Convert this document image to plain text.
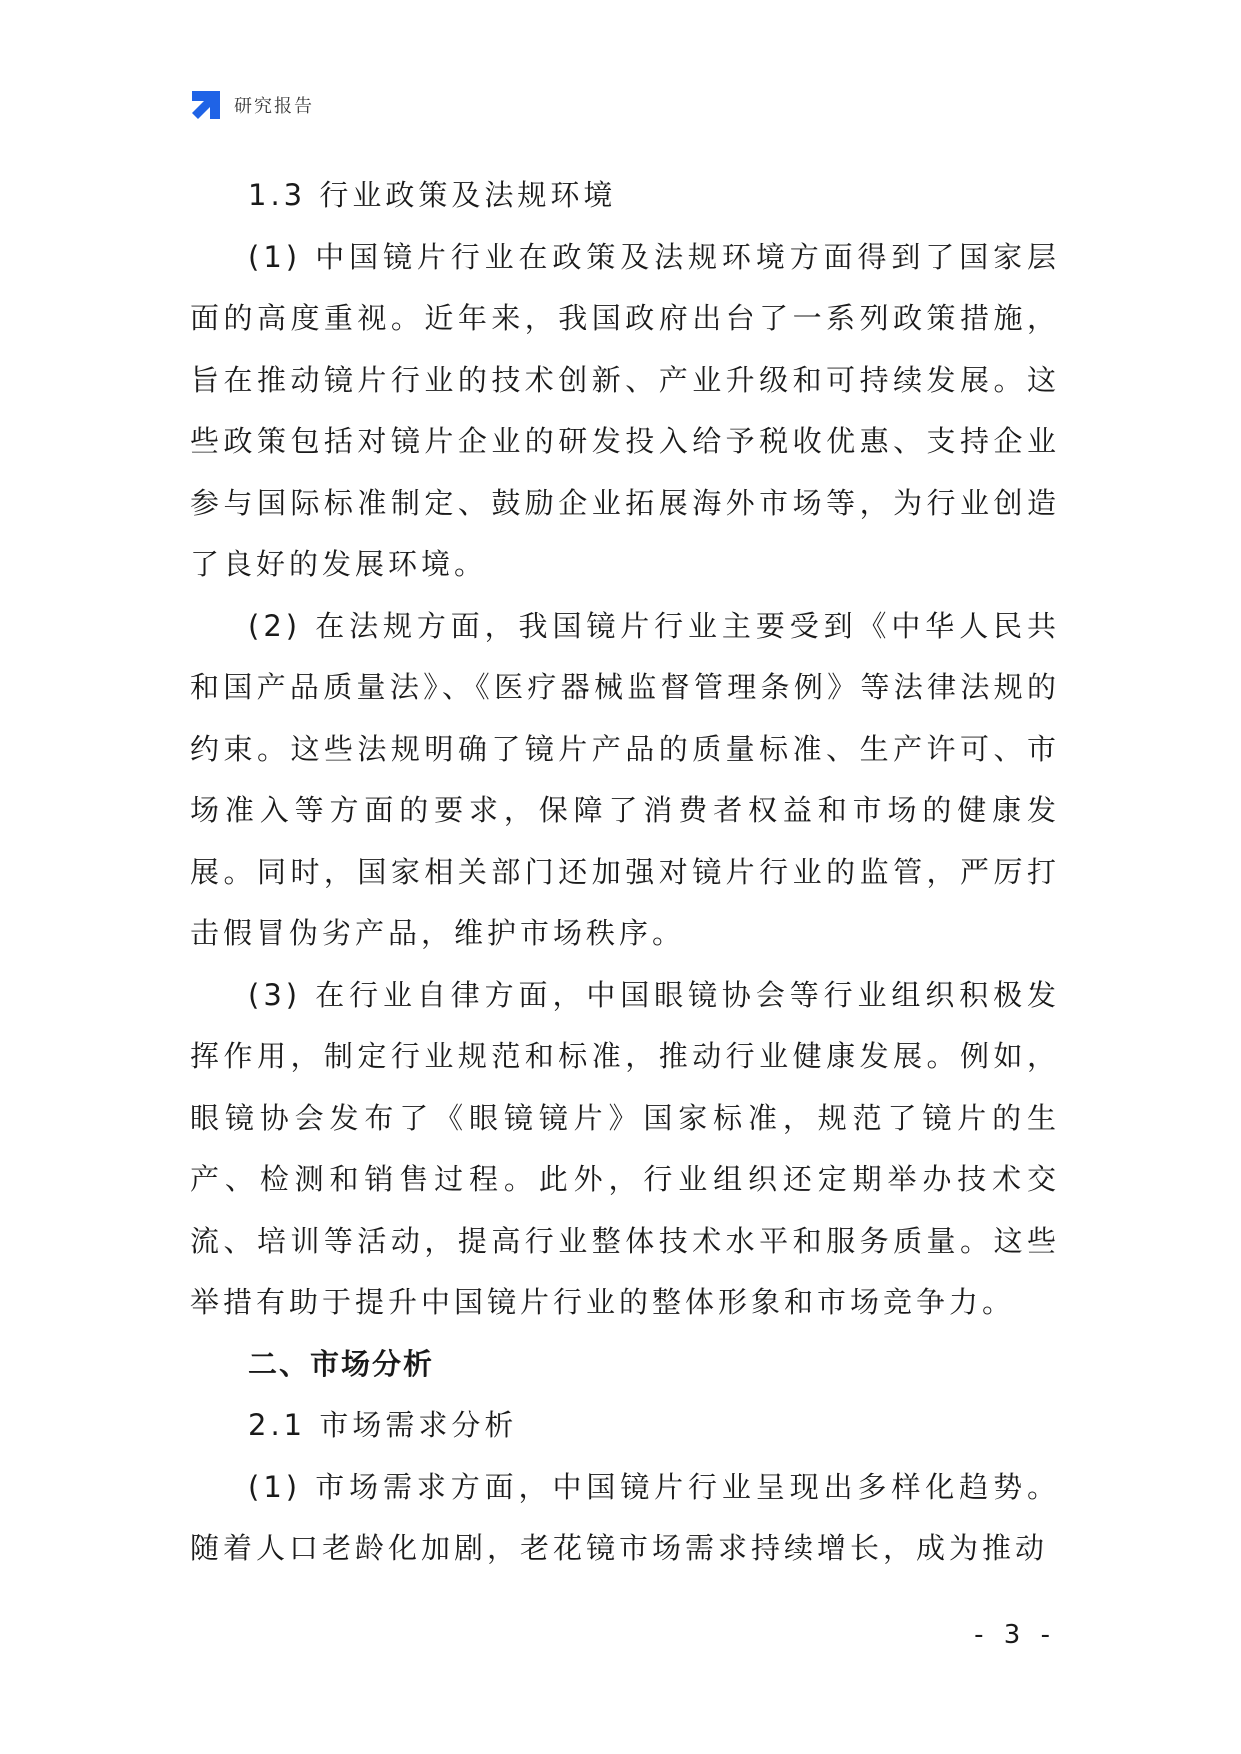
研究报告
1.3 行业政策及法规环境

(1) 中国镜片行业在政策及法规环境方面得到了国家层面的高度重视。近年来，我国政府出台了一系列政策措施，旨在推动镜片行业的技术创新、产业升级和可持续发展。这些政策包括对镜片企业的研发投入给予税收优惠、支持企业参与国际标准制定、鼓励企业拓展海外市场等，为行业创造了良好的发展环境。

(2) 在法规方面，我国镜片行业主要受到《中华人民共和国产品质量法》、《医疗器械监督管理条例》等法律法规的约束。这些法规明确了镜片产品的质量标准、生产许可、市场准入等方面的要求，保障了消费者权益和市场的健康发展。同时，国家相关部门还加强对镜片行业的监管，严厉打击假冒伪劣产品，维护市场秩序。

(3) 在行业自律方面，中国眼镜协会等行业组织积极发挥作用，制定行业规范和标准，推动行业健康发展。例如，眼镜协会发布了《眼镜镜片》国家标准，规范了镜片的生产、检测和销售过程。此外，行业组织还定期举办技术交流、培训等活动，提高行业整体技术水平和服务质量。这些举措有助于提升中国镜片行业的整体形象和市场竞争力。

二、市场分析
2.1 市场需求分析

(1) 市场需求方面，中国镜片行业呈现出多样化趋势。随着人口老龄化加剧，老花镜市场需求持续增长，成为推动

- 3 -
